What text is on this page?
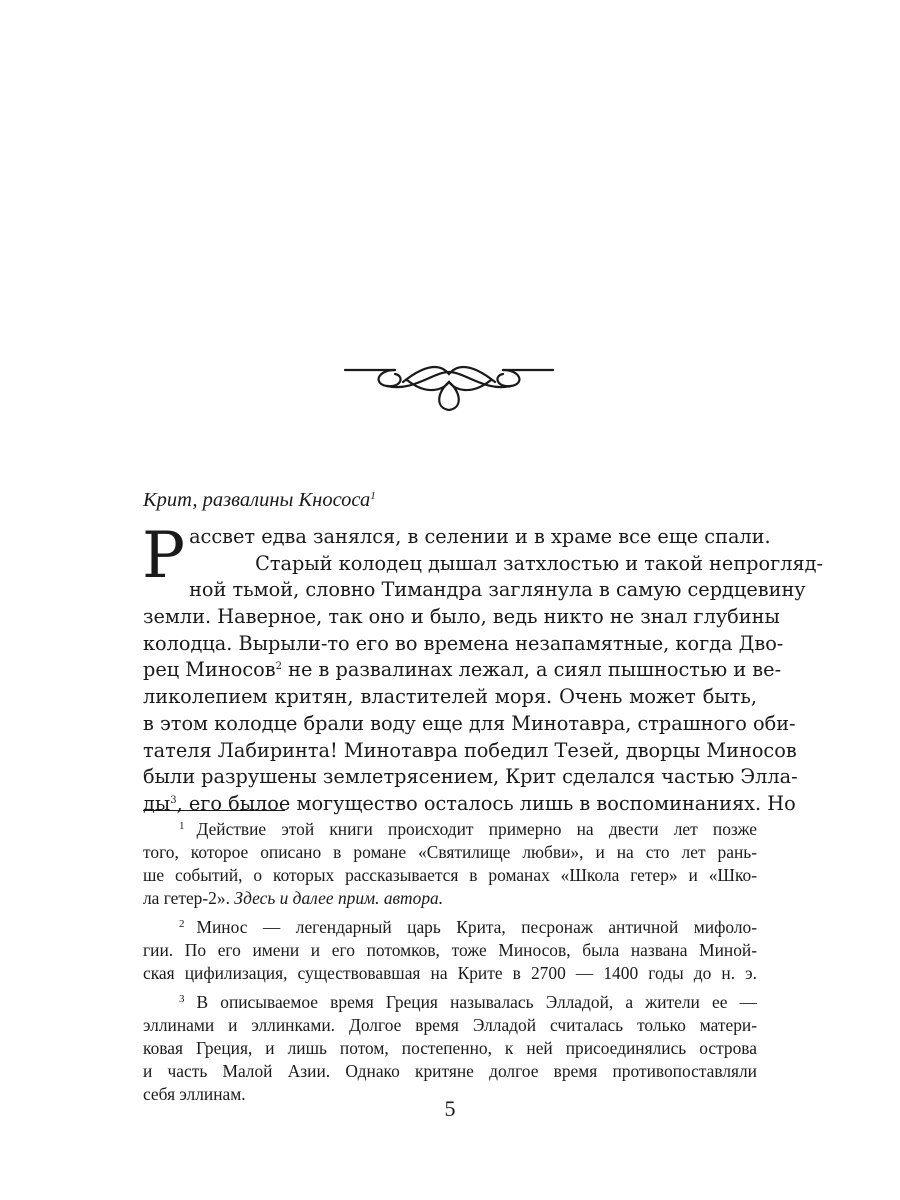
Крит, развалины Кнососа$^1$
Р ассвет едва занялся, в селении и в храме все еще спали.
Старый колодец дышал затхлостью и такой непрогляд-
ной тьмой, словно Тимандра заглянула в самую сердцевину
земли. Наверное, так оно и было, ведь никто не знал глубины
колодца. Вырыли-то его во времена незапамятные, когда Дво-
рец Миносов$^2$ не в развалинах лежал, а сиял пышностью и ве-
ликолепием критян, властителей моря. Очень может быть,
в этом колодце брали воду еще для Минотавра, страшного оби-
тателя Лабиринта! Минотавра победил Тезей, дворцы Миносов
были разрушены землетрясением, Крит сделался частью Элла-
$ды^3$, его былое могущество осталось лишь в воспоминаниях. Но
$^1$ Действие этой книги происходит примерно на двести лет позже
того, которое описано в романе «Святилище любви», и на сто лет рань-
ше событий, о которых рассказывается в романах «Школа гетер» и «Шко-
ла гетер-2». Здесь и далее прим. автора.
$^2$ Минос — легендарный царь Крита, песронаж античной мифоло-
гии. По его имени и его потомков, тоже Миносов, была названа Миной-
ская цифилизация, существовавшая на Крите в 2700 — 1400 годы до н. э.
$^3$ В описываемое время Греция называлась Элладой, а жители ее —
эллинами и эллинками. Долгое время Элладой считалась только матери-
ковая Греция, и лишь потом, постепенно, к ней присоединялись острова
и часть Малой Азии. Однако критяне долгое время противопоставляли
себя эллинам.
5
